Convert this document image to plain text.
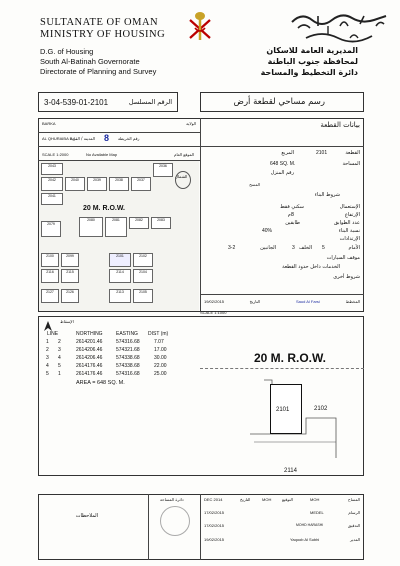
SULTANATE OF OMAN
MINISTRY OF HOUSING
D.G. of Housing
South Al-Batinah Governorate
Directorate of Planning and Survey
المديرية العامة للاسكان
لمحافظة جنوب الباطنة
دائرة التخطيط والمساحة
3-04-539-01-2101	الرقم المسلسل	رسم مساحي لقطعة أرض
BARKA	الولاية
AL QHURAIBA P.A
المدينة / القرية 8 رقم الخريطة
SCALE 1:2000	No Available Map	الموقع العام
2043
2042	2040	2039	2038	2037
2036
2041
20 M. R.O.W.
2080	2081	2082	2083
2079
2100	2099	2101	2102
2116	2115	2114	2104
2127	2126	2113	2105
الشمال
بيانات القطعة
القطعة
2101
المربع
المساحة
648 SQ. M.
رقم المنزل
المسح
شروط البناء
الإستعمال
سكني فقط
الإرتفاع
8م
عدد الطوابق
طابقين
نسبة البناء
40%
الإرتدادات
الأمام
5
الخلف
3
الجانبين
3-2
موقف السيارات
الخدمات داخل حدود القطعة
شروط أخرى
المخطط
Saud Al Farsi
التاريخ
19/02/2015
SCALE 1:1000
الإسقاط
LINE	NORTHING	EASTING DIST (m)
1 2	2614201.46	574316.68	7.07
2 3	2614206.46	574321.68	17.00
3 4	2614206.46	574338.68	30.00
4 5	2614176.46	574338.68	22.00
5 1	2614176.46	574316.68	25.00
AREA = 648 SQ. M.
20 M. R.O.W.
2101	2102
2114
الملاحظات
دائرة المساحة	DEC 2014	التاريخ	MOH	التوقيع	MOH	المساح
17/02/2015	MEDEL	الرسام
17/02/2015	MOHD HARASHI	التدقيق
19/02/2015	Yaqoob Al Subhi	المدير
